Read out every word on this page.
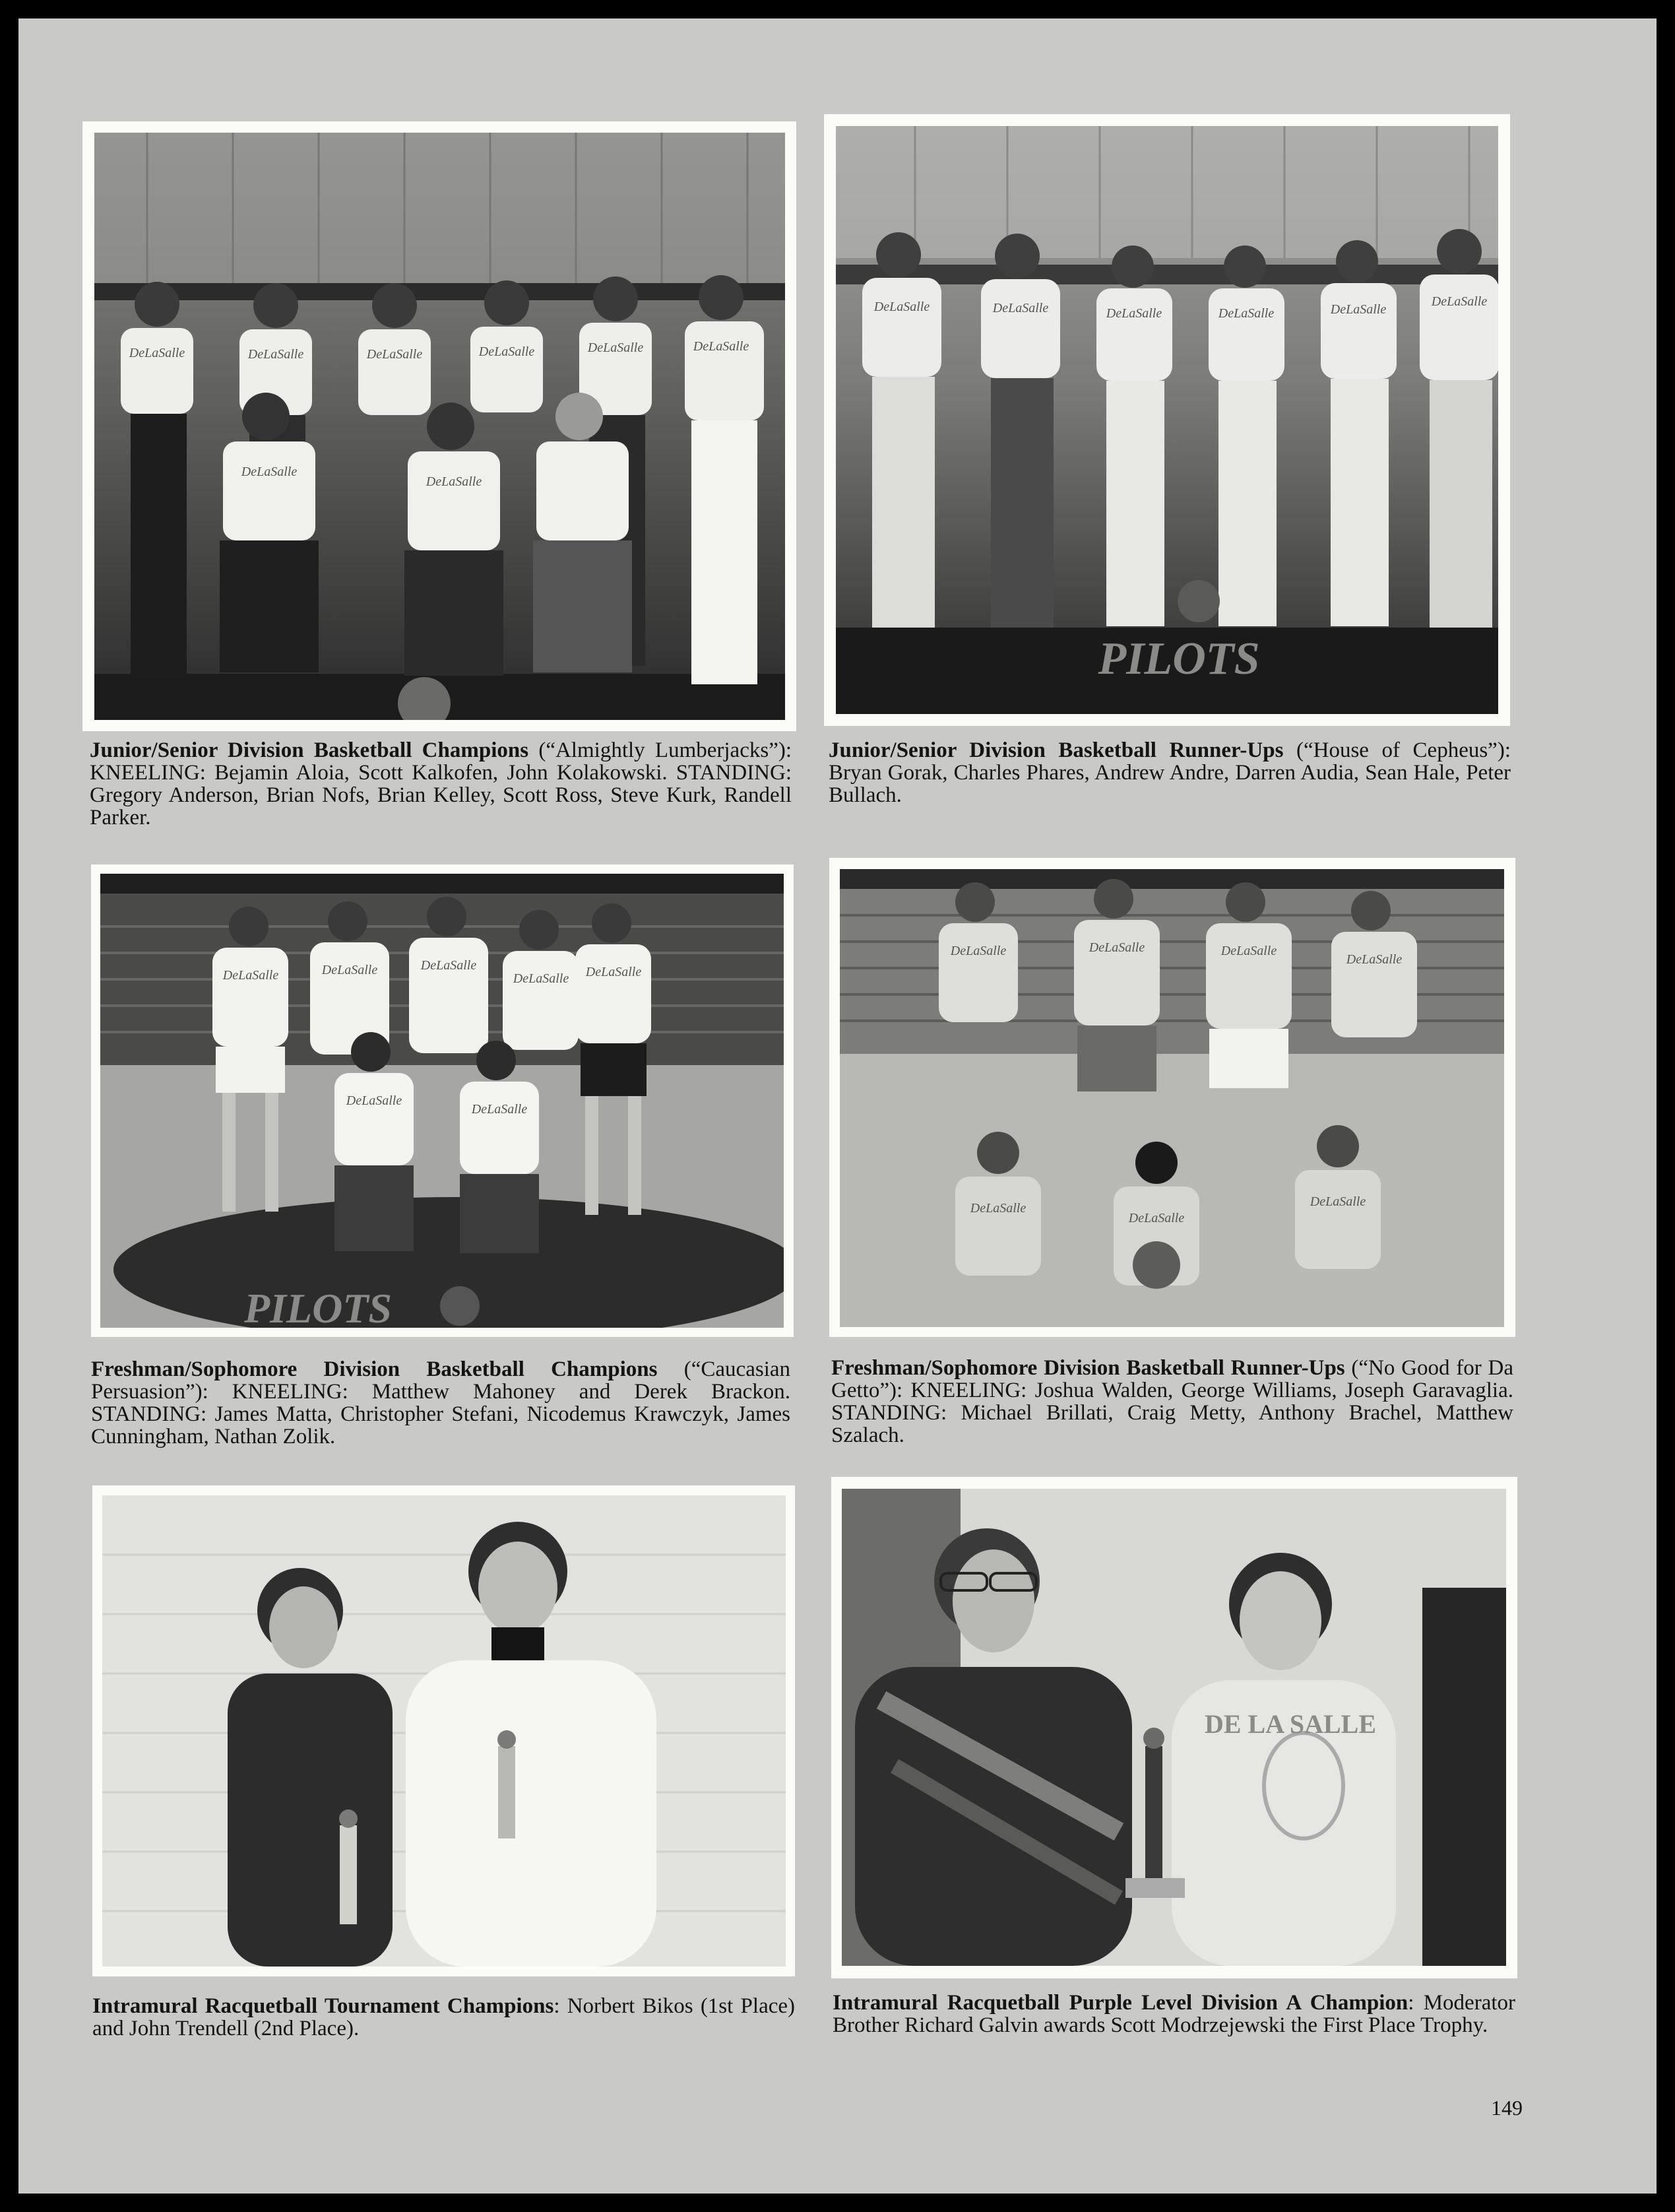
DeLaSalle	DeLaSalle	DeLaSalle	DeLaSalle	DeLaSalle	DeLaSalle
DeLaSalle
DeLaSalle

Junior/Senior Division Basketball Champions (“Almightly Lumberjacks”): KNEELING: Bejamin Aloia, Scott Kalkofen, John Kolakowski. STANDING: Gregory Anderson, Brian Nofs, Brian Kelley, Scott Ross, Steve Kurk, Randell Parker.

DeLaSalle	DeLaSalle	DeLaSalle	DeLaSalle	DeLaSalle
DeLaSalle
PILOTS

Junior/Senior Division Basketball Runner-Ups (“House of Cepheus”): Bryan Gorak, Charles Phares, Andrew Andre, Darren Audia, Sean Hale, Peter Bullach.

DeLaSalle	DeLaSalle	DeLaSalle
DeLaSalle DeLaSalle
DeLaSalle
DeLaSalle
PILOTS

Freshman/Sophomore Division Basketball Champions (“Caucasian Persuasion”): KNEELING: Matthew Mahoney and Derek Brackon. STANDING: James Matta, Christopher Stefani, Nicodemus Krawczyk, James Cunningham, Nathan Zolik.

DeLaSalle	DeLaSalle	DeLaSalle
DeLaSalle
DeLaSalle
DeLaSalle
DeLaSalle

Freshman/Sophomore Division Basketball Runner-Ups (“No Good for Da Getto”): KNEELING: Joshua Walden, George Williams, Joseph Garavaglia. STANDING: Michael Brillati, Craig Metty, Anthony Brachel, Matthew Szalach.

Intramural Racquetball Tournament Champions: Norbert Bikos (1st Place) and John Trendell (2nd Place).

DE LA SALLE

Intramural Racquetball Purple Level Division A Champion: Moderator Brother Richard Galvin awards Scott Modrzejewski the First Place Trophy.

149
